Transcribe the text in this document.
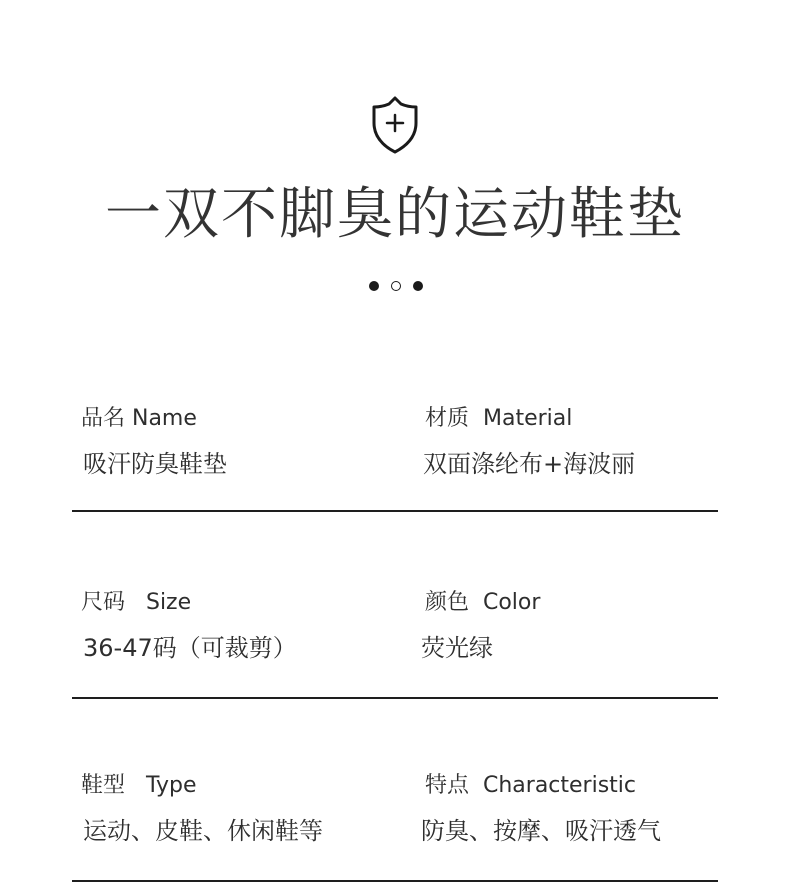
一双不脚臭的运动鞋垫
品名 Name
吸汗防臭鞋垫
材质  Material
双面涤纶布+海波丽
尺码   Size
36-47码（可裁剪）
颜色  Color
荧光绿
鞋型   Type
运动、皮鞋、休闲鞋等
特点  Characteristic
防臭、按摩、吸汗透气
